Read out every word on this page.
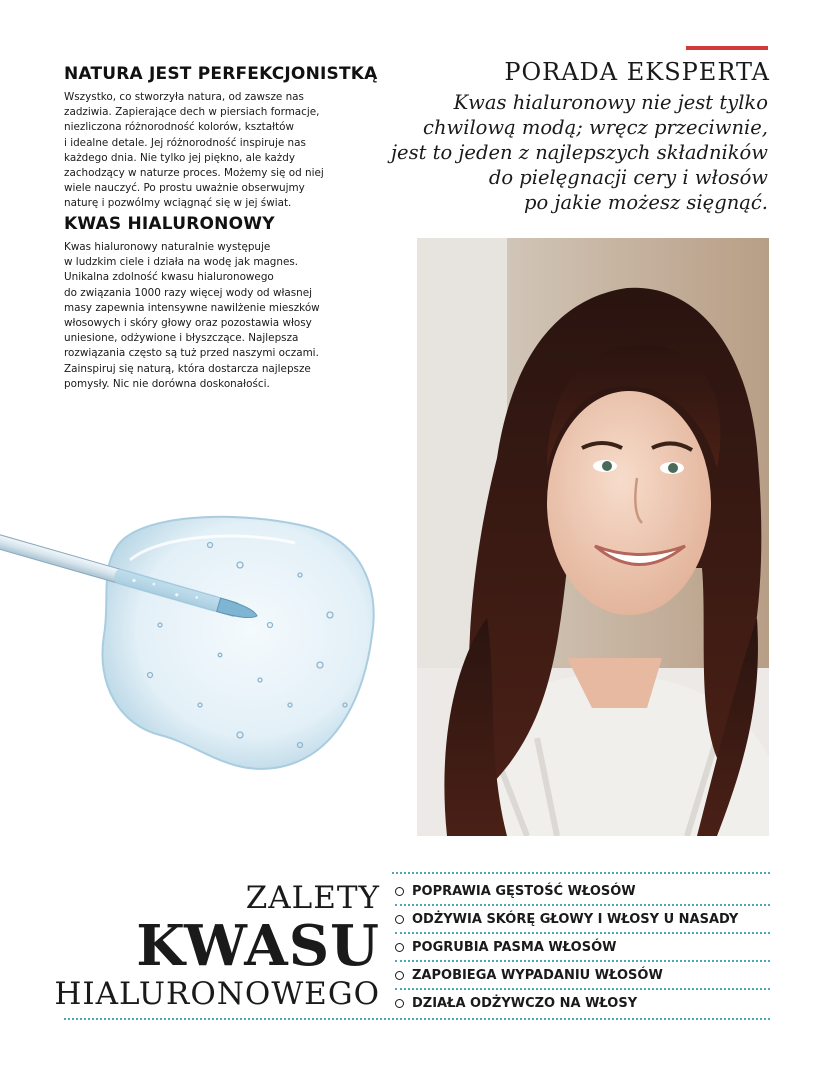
NATURA JEST PERFEKCJONISTKĄ
Wszystko, co stworzyła natura, od zawsze nas
zadziwia. Zapierające dech w piersiach formacje,
niezliczona różnorodność kolorów, kształtów
i idealne detale. Jej różnorodność inspiruje nas
każdego dnia. Nie tylko jej piękno, ale każdy
zachodzący w naturze proces. Możemy się od niej
wiele nauczyć. Po prostu uważnie obserwujmy
naturę i pozwólmy wciągnąć się w jej świat.
KWAS HIALURONOWY
Kwas hialuronowy naturalnie występuje
w ludzkim ciele i działa na wodę jak magnes.
Unikalna zdolność kwasu hialuronowego
do związania 1000 razy więcej wody od własnej
masy zapewnia intensywne nawilżenie mieszków
włosowych i skóry głowy oraz pozostawia włosy
uniesione, odżywione i błyszczące. Najlepsza
rozwiązania często są tuż przed naszymi oczami.
Zainspiruj się naturą, która dostarcza najlepsze
pomysły. Nic nie dorówna doskonałości.
PORADA EKSPERTA
Kwas hialuronowy nie jest tylko
chwilową modą; wręcz przeciwnie,
jest to jeden z najlepszych składników
do pielęgnacji cery i włosów
po jakie możesz sięgnąć.
ZALETY
KWASU
HIALURONOWEGO
POPRAWIA GĘSTOŚĆ WŁOSÓW
ODŻYWIA SKÓRĘ GŁOWY I WŁOSY U NASADY
POGRUBIA PASMA WŁOSÓW
ZAPOBIEGA WYPADANIU WŁOSÓW
DZIAŁA ODŻYWCZO NA WŁOSY
